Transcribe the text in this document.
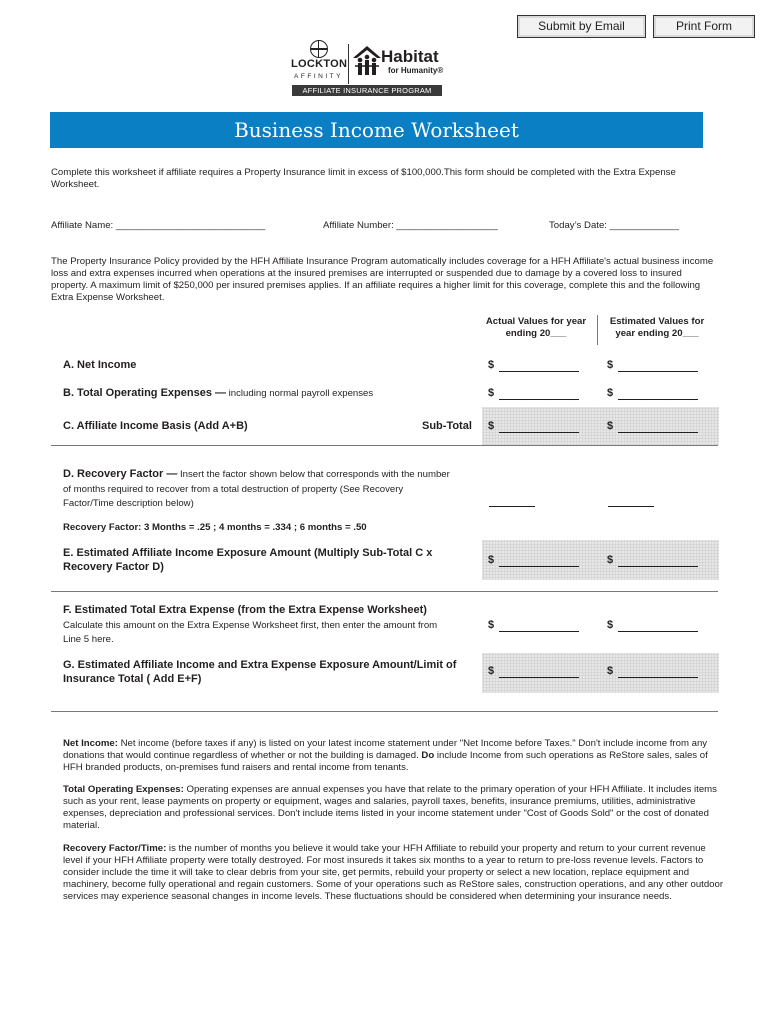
Submit by Email	Print Form
LOCKTON
AFFINITY
Habitat
for Humanity®
AFFILIATE INSURANCE PROGRAM
Business Income Worksheet
Complete this worksheet if affiliate requires a Property Insurance limit in excess of $100,000.This form should be completed with the Extra Expense Worksheet.
Affiliate Name: ____________________________	Affiliate Number: ___________________	Today’s Date: _____________
The Property Insurance Policy provided by the HFH Affiliate Insurance Program automatically includes coverage for a HFH Affiliate's actual business income loss and extra expenses incurred when operations at the insured premises are interrupted or suspended due to damage by a covered loss to insured property. A maximum limit of $250,000 per insured premises applies. If an affiliate requires a higher limit for this coverage, complete this and the following Extra Expense Worksheet.
Actual Values for year ending 20___
Estimated Values for year ending 20___
A. Net Income	$	$
B. Total Operating Expenses — including normal payroll expenses	$	$
C. Affiliate Income Basis (Add A+B)	Sub-Total $	$
D. Recovery Factor — Insert the factor shown below that corresponds with the number
of months required to recover from a total destruction of property (See Recovery
Factor/Time description below)
Recovery Factor: 3 Months = .25 ; 4 months = .334 ; 6 months = .50
E. Estimated Affiliate Income Exposure Amount (Multiply Sub-Total C x
Recovery Factor D)
$	$
F. Estimated Total Extra Expense (from the Extra Expense Worksheet)
Calculate this amount on the Extra Expense Worksheet first, then enter the amount from
Line 5 here.
$	$
G. Estimated Affiliate Income and Extra Expense Exposure Amount/Limit of
Insurance Total ( Add E+F)
$	$
Net Income: Net income (before taxes if any) is listed on your latest income statement under "Net Income before Taxes." Don't include income from any donations that would continue regardless of whether or not the building is damaged. Do include Income from such operations as ReStore sales, sales of HFH branded products, on-premises fund raisers and rental income from tenants.
Total Operating Expenses: Operating expenses are annual expenses you have that relate to the primary operation of your HFH Affiliate. It includes items such as your rent, lease payments on property or equipment, wages and salaries, payroll taxes, benefits, insurance premiums, utilities, administrative expenses, depreciation and professional services. Don't include items listed in your income statement under "Cost of Goods Sold" or the cost of donated material.
Recovery Factor/Time: is the number of months you believe it would take your HFH Affiliate to rebuild your property and return to your current revenue level if your HFH Affiliate property were totally destroyed. For most insureds it takes six months to a year to return to pre-loss revenue levels. Factors to consider include the time it will take to clear debris from your site, get permits, rebuild your property or select a new location, replace equipment and machinery, become fully operational and regain customers. Some of your operations such as ReStore sales, construction operations, and any other outdoor services may experience seasonal changes in income levels. These fluctuations should be considered when determining your insurance needs.
